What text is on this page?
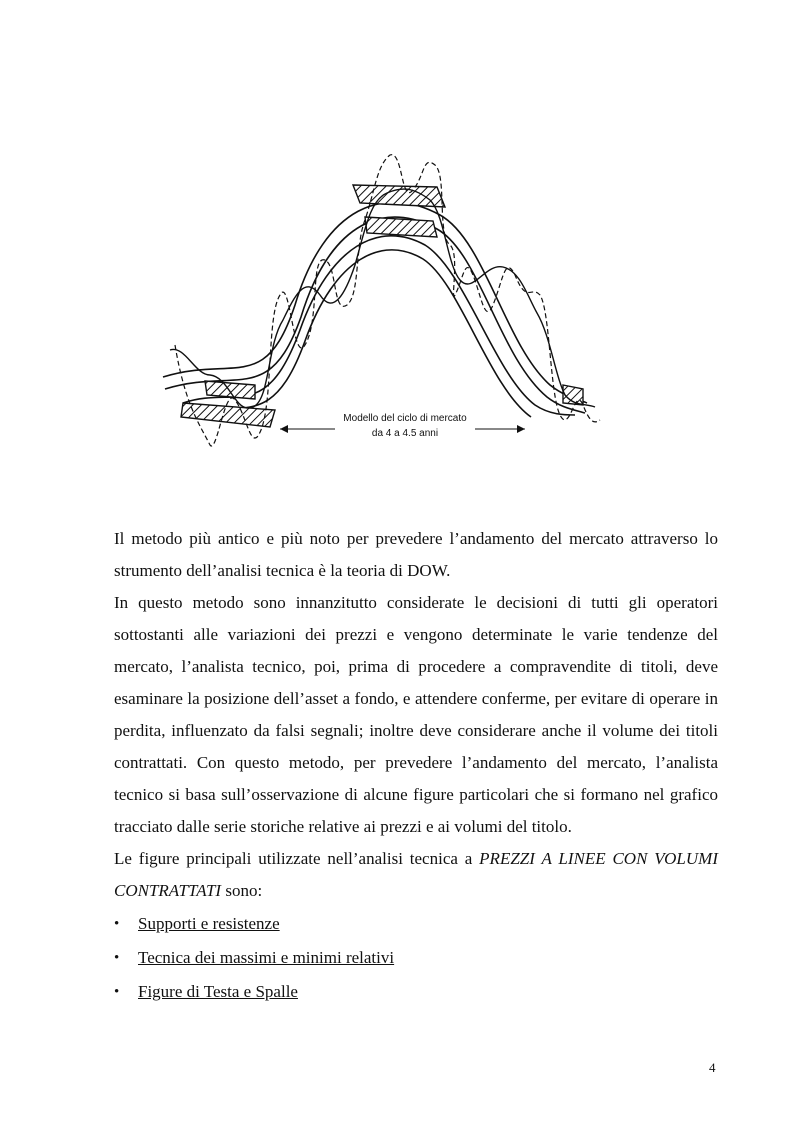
Modello del ciclo di mercato
da 4 a 4.5 anni

Il metodo più antico e più noto per prevedere l’andamento del mercato attraverso lo strumento dell’analisi tecnica è la teoria di DOW.

In questo metodo sono innanzitutto considerate le decisioni di tutti gli operatori sottostanti alle variazioni dei prezzi e vengono determinate le varie tendenze del mercato, l’analista tecnico, poi, prima di procedere a compravendite di titoli, deve esaminare la posizione dell’asset a fondo, e attendere conferme, per evitare di operare in perdita, influenzato da falsi segnali; inoltre deve considerare anche il volume dei titoli contrattati. Con questo metodo, per prevedere l’andamento del mercato, l’analista tecnico si basa sull’osservazione di alcune figure particolari che si formano nel grafico tracciato dalle serie storiche relative ai prezzi e ai volumi del titolo.

Le figure principali utilizzate nell’analisi tecnica a PREZZI A LINEE CON VOLUMI CONTRATTATI sono:

• Supporti e resistenze
• Tecnica dei massimi e minimi relativi
• Figure di Testa e Spalle
4
